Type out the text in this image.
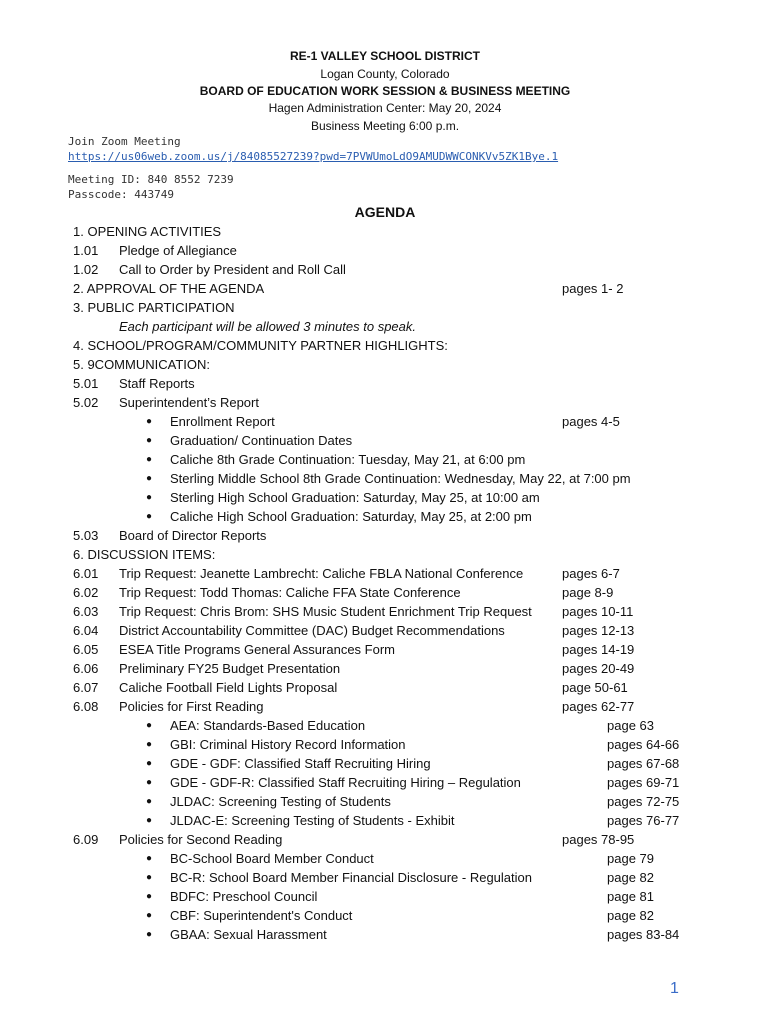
RE-1 VALLEY SCHOOL DISTRICT
Logan County, Colorado
BOARD OF EDUCATION WORK SESSION & BUSINESS MEETING
Hagen Administration Center: May 20, 2024
Business Meeting 6:00 p.m.
Join Zoom Meeting
https://us06web.zoom.us/j/84085527239?pwd=7PVWUmoLdO9AMUDWWCONKVv5ZK1Bye.1
Meeting ID: 840 8552 7239
Passcode: 443749
AGENDA
1. OPENING ACTIVITIES
1.01 Pledge of Allegiance
1.02 Call to Order by President and Roll Call
2. APPROVAL OF THE AGENDA	pages 1- 2
3. PUBLIC PARTICIPATION
Each participant will be allowed 3 minutes to speak.
4. SCHOOL/PROGRAM/COMMUNITY PARTNER HIGHLIGHTS:
5. 9COMMUNICATION:
5.01 Staff Reports
5.02 Superintendent’s Report
● Enrollment Report	pages 4-5
● Graduation/ Continuation Dates
● Caliche 8th Grade Continuation: Tuesday, May 21, at 6:00 pm
● Sterling Middle School 8th Grade Continuation: Wednesday, May 22, at 7:00 pm
● Sterling High School Graduation: Saturday, May 25, at 10:00 am
● Caliche High School Graduation: Saturday, May 25, at 2:00 pm
5.03 Board of Director Reports
6. DISCUSSION ITEMS:
6.01 Trip Request: Jeanette Lambrecht: Caliche FBLA National Conference	pages 6-7
6.02 Trip Request: Todd Thomas: Caliche FFA State Conference	page 8-9
6.03 Trip Request: Chris Brom: SHS Music Student Enrichment Trip Request pages 10-11
6.04 District Accountability Committee (DAC) Budget Recommendations	pages 12-13
6.05 ESEA Title Programs General Assurances Form	pages 14-19
6.06 Preliminary FY25 Budget Presentation	pages 20-49
6.07 Caliche Football Field Lights Proposal	page 50-61
6.08 Policies for First Reading	pages 62-77
● AEA: Standards-Based Education	page 63
● GBI: Criminal History Record Information	pages 64-66
● GDE - GDF: Classified Staff Recruiting Hiring	pages 67-68
● GDE - GDF-R: Classified Staff Recruiting Hiring – Regulation	pages 69-71
● JLDAC: Screening Testing of Students	pages 72-75
● JLDAC-E: Screening Testing of Students - Exhibit	pages 76-77
6.09 Policies for Second Reading	pages 78-95
● BC-School Board Member Conduct	page 79
● BC-R: School Board Member Financial Disclosure - Regulation	page 82
● BDFC: Preschool Council	page 81
● CBF: Superintendent's Conduct	page 82
● GBAA: Sexual Harassment	pages 83-84
1
